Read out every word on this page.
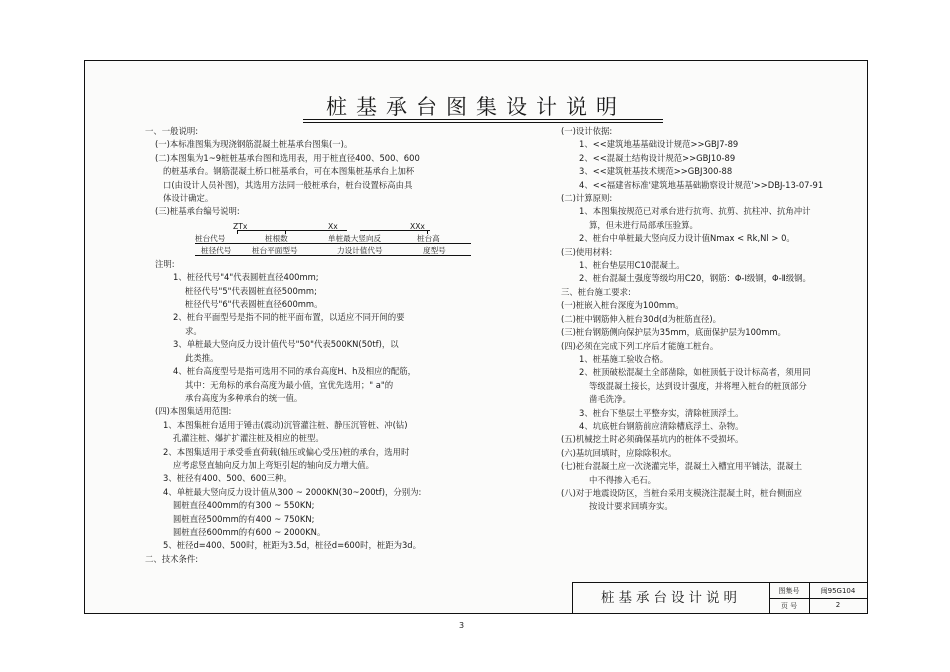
桩基承台图集设计说明

一、一般说明:

(一)本标准图集为现浇钢筋混凝土桩基承台图集(一)。

(二)本图集为1~9桩桩基承台图和选用表，用于桩直径400、500、600

的桩基承台。钢筋混凝土桥口桩基承台，可在本图集桩基承台上加杯

口(由设计人员补图)，其选用方法同一般桩承台，桩台设置标高由具

体设计确定。

(三)桩基承台编号说明:

ZTx	Xx	XXx
桩台代号	桩根数	单桩最大竖向反	桩台高
桩径代号	桩台平面型号	力设计值代号	度型号

注明:

1、桩径代号"4"代表圆桩直径400mm;

桩径代号"5"代表圆桩直径500mm;

桩径代号"6"代表圆桩直径600mm。

2、桩台平面型号是指不同的桩平面布置，以适应不同开间的要

求。

3、单桩最大竖向反力设计值代号"50"代表500KN(50tf)，以

此类推。

4、桩台高度型号是指可选用不同的承台高度H、h及相应的配筋，

其中：无角标的承台高度为最小值，宜优先选用；" a"的

承台高度为多种承台的统一值。

(四)本图集适用范围:

1、本图集桩台适用于锤击(震动)沉管灌注桩、静压沉管桩、冲(钻)

孔灌注桩、爆扩扩灌注桩及相应的桩型。

2、本图集适用于承受垂直荷载(轴压或偏心受压)桩的承台，选用时

应考虑竖直轴向反力加上弯矩引起的轴向反力增大值。

3、桩径有400、500、600三种。

4、单桩最大竖向反力设计值从300 ~ 2000KN(30~200tf)，分别为:

圆桩直径400mm的有300 ~ 550KN;

圆桩直径500mm的有400 ~ 750KN;

圆桩直径600mm的有600 ~ 2000KN。

5、桩径d=400、500时，桩距为3.5d，桩径d=600时，桩距为3d。

二、技术条件:

(一)设计依据:

1、<<建筑地基基础设计规范>>GBJ7-89

2、<<混凝土结构设计规范>>GBJ10-89

3、<<建筑桩基技术规范>>GBJ300-88

4、<<福建省标准'建筑地基基础勘察设计规范'>>DBJ-13-07-91

(二)计算原则:

1、本图集按规范已对承台进行抗弯、抗剪、抗柱冲、抗角冲计

算，但未进行局部承压验算。

2、桩台中单桩最大竖向反力设计值Nmax < Rk,Nl > 0。

(三)使用材料:

1、桩台垫层用C10混凝土。

2、桩台混凝土强度等级均用C20，钢筋：Φ-Ⅰ级钢，Φ-Ⅱ级钢。

三、桩台施工要求:

(一)桩嵌入桩台深度为100mm。

(二)桩中钢筋伸入桩台30d(d为桩筋直径)。

(三)桩台钢筋侧向保护层为35mm，底面保护层为100mm。

(四)必须在完成下列工序后才能施工桩台。

1、桩基施工验收合格。

2、桩顶破松混凝土全部凿除，如桩顶低于设计标高者，须用同

等级混凝土接长，达到设计强度，并将埋入桩台的桩顶部分

凿毛洗净。

3、桩台下垫层土平整夯实，清除桩顶浮土。

4、坑底桩台钢筋前应清除槽底浮土、杂物。

(五)机械挖土时必须确保基坑内的桩体不受损坏。

(六)基坑回填时，应除除积水。

(七)桩台混凝土应一次浇灌完毕，混凝土入槽宜用平铺法，混凝土

中不得掺入毛石。

(八)对于地震设防区，当桩台采用支模浇注混凝土时，桩台侧面应

按设计要求回填夯实。

桩基承台设计说明	图集号	闽95G104
页 号	2
3
